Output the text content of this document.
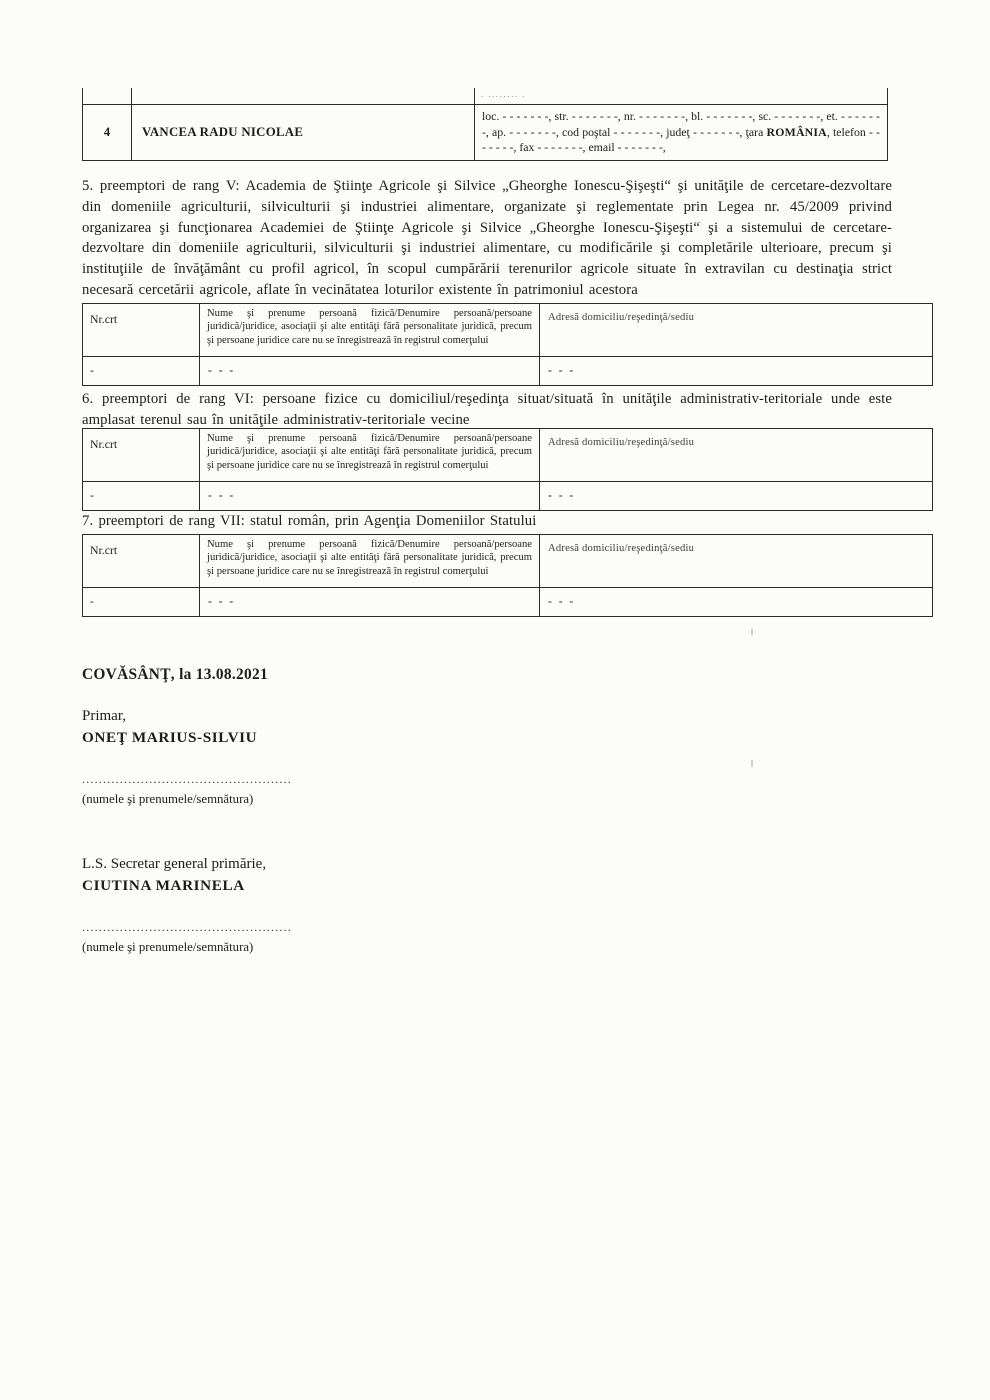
		· ········ ·

4	VANCEA RADU NICOLAE	loc. - - - - - - -, str. - - - - - - -, nr. - - - - - - -, bl. - - - - - - -, sc. - - - - - - -, et. - - - - - - -, ap. - - - - - - -, cod poştal - - - - - - -, judeţ - - - - - - -, ţara ROMÂNIA, telefon - - - - - - -, fax - - - - - - -, email - - - - - - -,

5. preemptori de rang V: Academia de Ştiinţe Agricole şi Silvice „Gheorghe Ionescu-Şişeşti“ şi unităţile de cercetare-dezvoltare din domeniile agriculturii, silviculturii şi industriei alimentare, organizate şi reglementate prin Legea nr. 45/2009 privind organizarea şi funcţionarea Academiei de Ştiinţe Agricole şi Silvice „Gheorghe Ionescu-Şişeşti“ şi a sistemului de cercetare-dezvoltare din domeniile agriculturii, silviculturii şi industriei alimentare, cu modificările şi completările ulterioare, precum şi instituţiile de învăţământ cu profil agricol, în scopul cumpărării terenurilor agricole situate în extravilan cu destinaţia strict necesară cercetării agricole, aflate în vecinătatea loturilor existente în patrimoniul acestora

Nr.crt	Nume şi prenume persoană fizică/Denumire persoană/persoane juridică/juridice, asociaţii şi alte entităţi fără personalitate juridică, precum şi persoane juridice care nu se înregistrează în registrul comerţului	Adresă domiciliu/reşedinţă/sediu
-	- - -	- - -

6. preemptori de rang VI: persoane fizice cu domiciliul/reşedinţa situat/situată în unităţile administrativ-teritoriale unde este amplasat terenul sau în unităţile administrativ-teritoriale vecine

Nr.crt	Nume şi prenume persoană fizică/Denumire persoană/persoane juridică/juridice, asociaţii şi alte entităţi fără personalitate juridică, precum şi persoane juridice care nu se înregistrează în registrul comerţului	Adresă domiciliu/reşedinţă/sediu
-	- - -	- - -

7. preemptori de rang VII: statul român, prin Agenţia Domeniilor Statului

Nr.crt	Nume şi prenume persoană fizică/Denumire persoană/persoane juridică/juridice, asociaţii şi alte entităţi fără personalitate juridică, precum şi persoane juridice care nu se înregistrează în registrul comerţului	Adresă domiciliu/reşedinţă/sediu
-	- - -	- - -

COVĂSÂNŢ, la 13.08.2021

Primar,

ONEŢ MARIUS-SILVIU

..................................................

(numele şi prenumele/semnătura)

L.S. Secretar general primărie,

CIUTINA MARINELA

..................................................

(numele şi prenumele/semnătura)
